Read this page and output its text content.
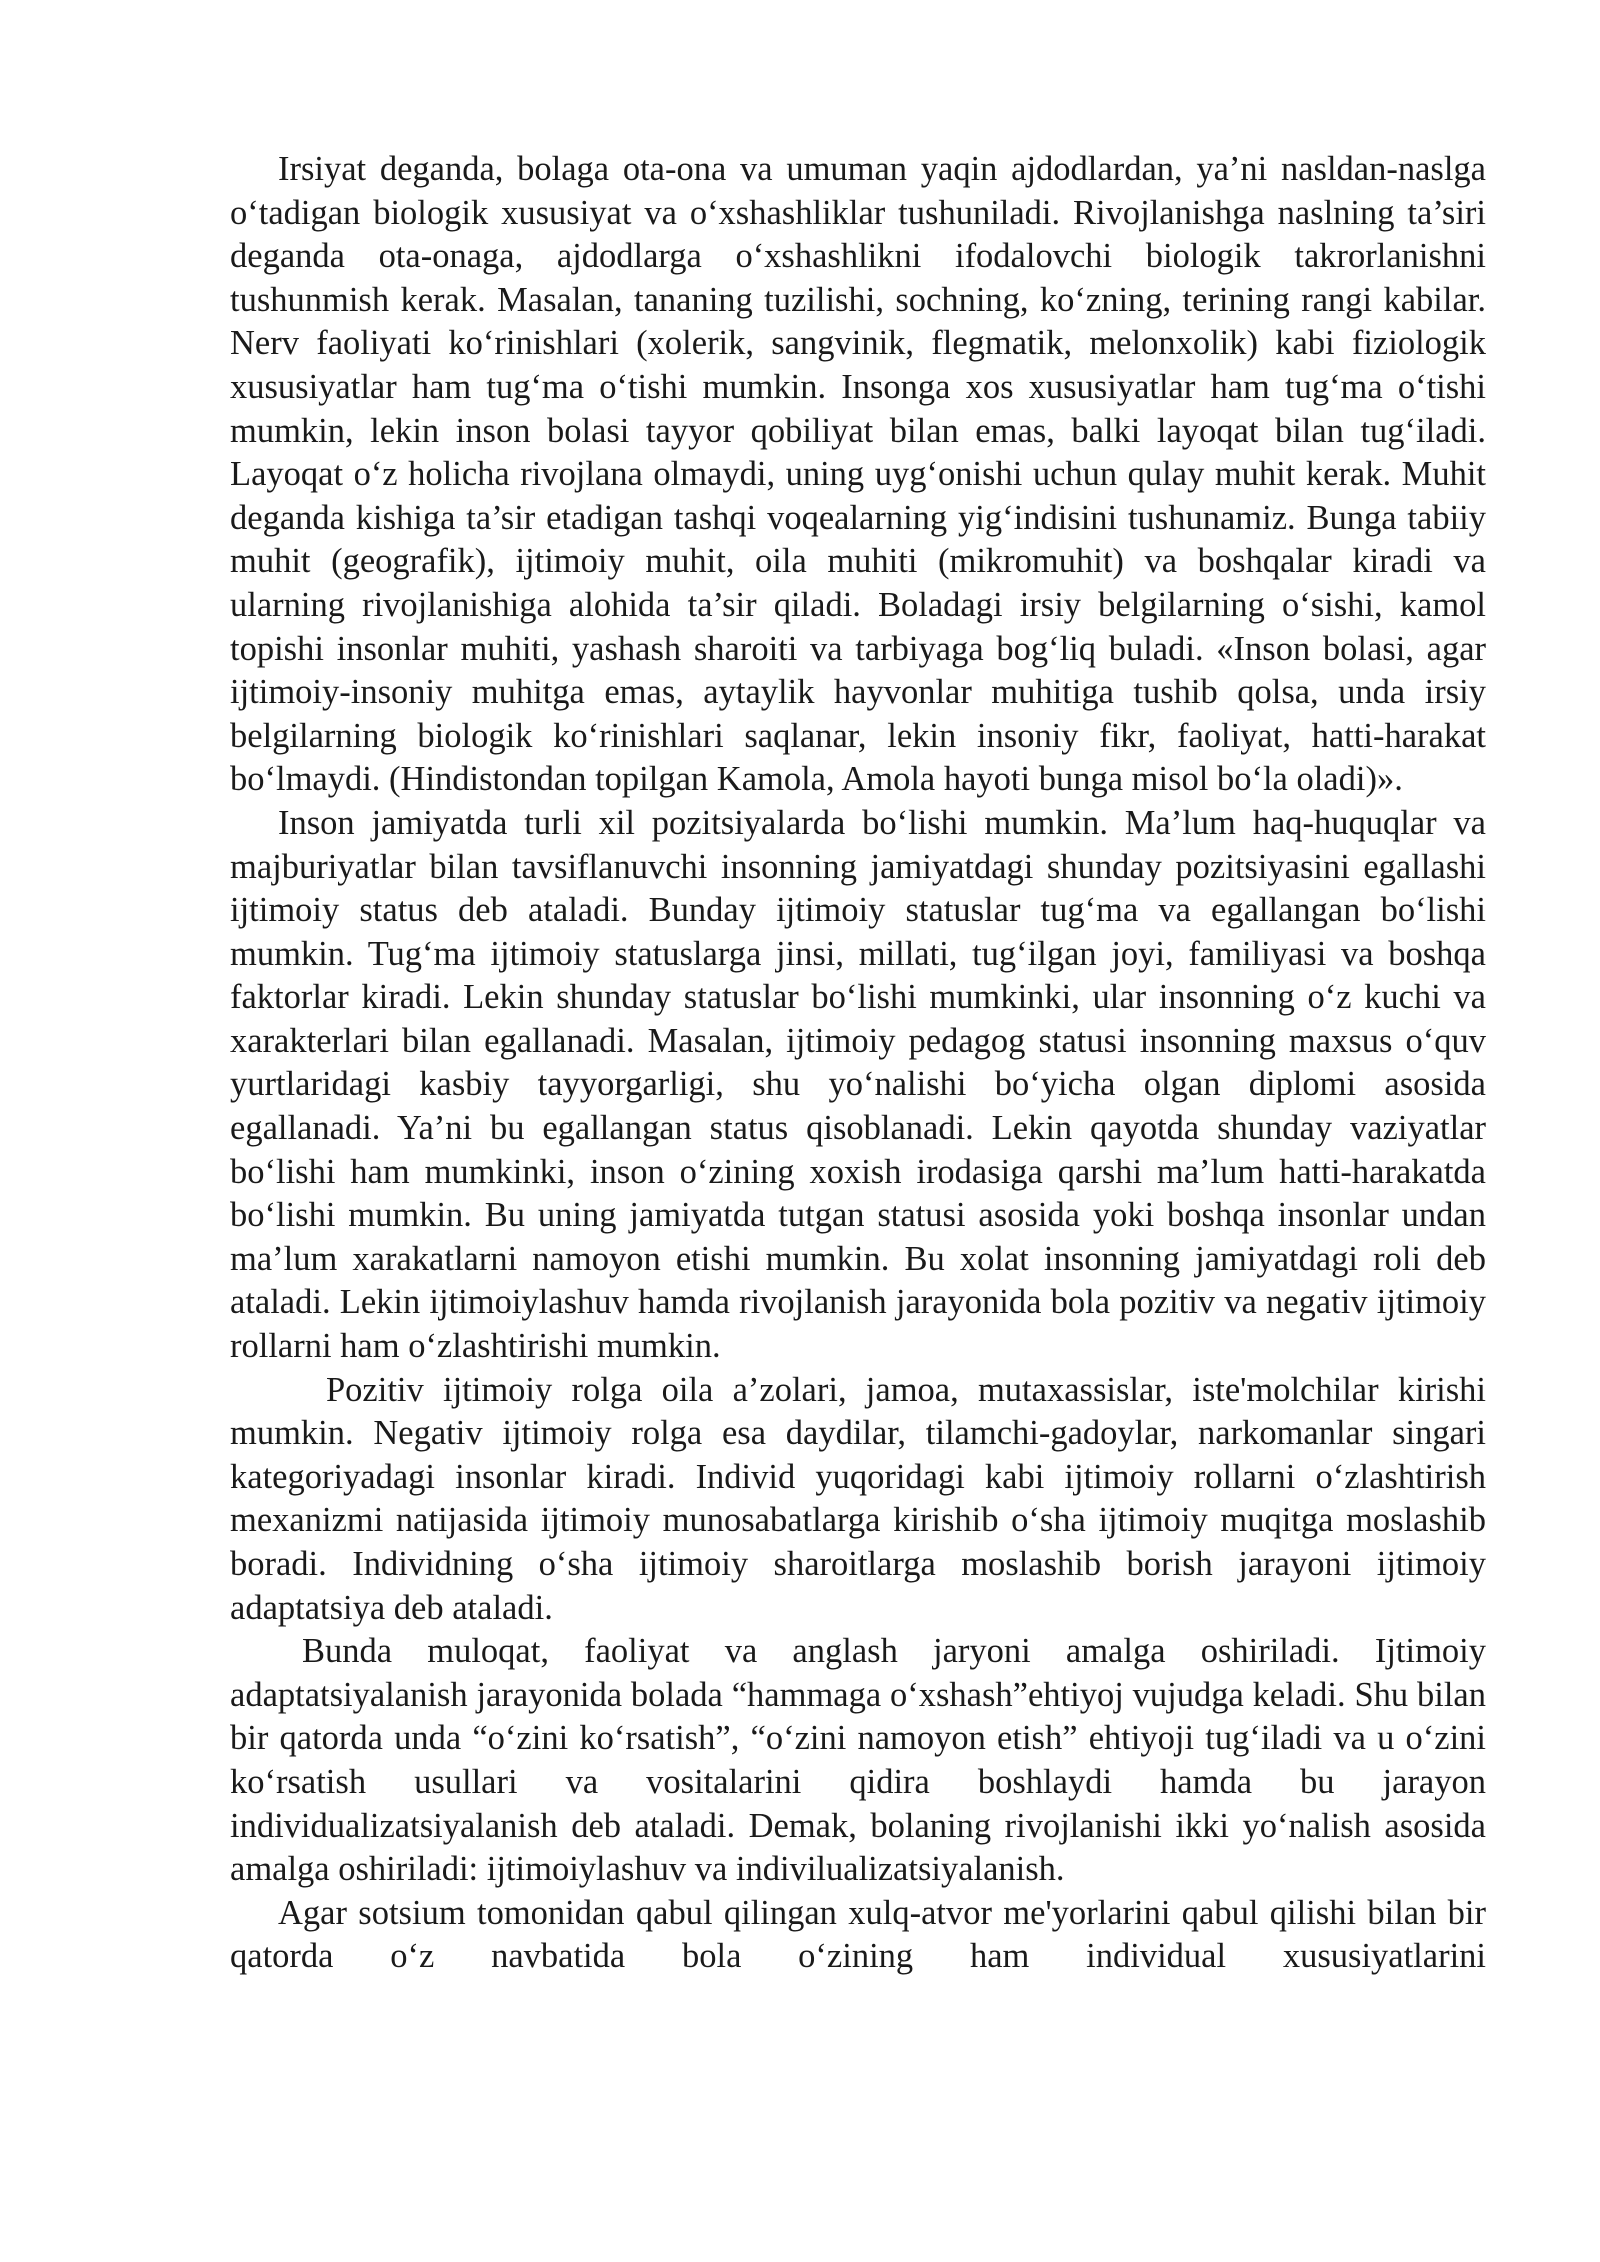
Irsiyat deganda, bolaga ota-ona va umuman yaqin ajdodlardan, ya’ni nasldan-naslga o‘tadigan biologik xususiyat va o‘xshashliklar tushuniladi. Rivojlanishga naslning ta’siri deganda ota-onaga, ajdodlarga o‘xshashlikni ifodalovchi biologik takrorlanishni tushunmish kerak. Masalan, tananing tuzilishi, sochning, ko‘zning, terining rangi kabilar. Nerv faoliyati ko‘rinishlari (xolerik, sangvinik, flegmatik, melonxolik) kabi fiziologik xususiyatlar ham tug‘ma o‘tishi mumkin. Insonga xos xususiyatlar ham tug‘ma o‘tishi mumkin, lekin inson bolasi tayyor qobiliyat bilan emas, balki layoqat bilan tug‘iladi. Layoqat o‘z holicha rivojlana olmaydi, uning uyg‘onishi uchun qulay muhit kerak. Muhit deganda kishiga ta’sir etadigan tashqi voqealarning yig‘indisini tushunamiz. Bunga tabiiy muhit (geografik), ijtimoiy muhit, oila muhiti (mikromuhit) va boshqalar kiradi va ularning rivojlanishiga alohida ta’sir qiladi. Boladagi irsiy belgilarning o‘sishi, kamol topishi insonlar muhiti, yashash sharoiti va tarbiyaga bog‘liq buladi. «Inson bolasi, agar ijtimoiy-insoniy muhitga emas, aytaylik hayvonlar muhitiga tushib qolsa, unda irsiy belgilarning biologik ko‘rinishlari saqlanar, lekin insoniy fikr, faoliyat, hatti-harakat bo‘lmaydi. (Hindistondan topilgan Kamola, Amola hayoti bunga misol bo‘la oladi)».

Inson jamiyatda turli xil pozitsiyalarda bo‘lishi mumkin. Ma’lum haq-huquqlar va majburiyatlar bilan tavsiflanuvchi insonning jamiyatdagi shunday pozitsiyasini egallashi ijtimoiy status deb ataladi. Bunday ijtimoiy statuslar tug‘ma va egallangan bo‘lishi mumkin. Tug‘ma ijtimoiy statuslarga jinsi, millati, tug‘ilgan joyi, familiyasi va boshqa faktorlar kiradi. Lekin shunday statuslar bo‘lishi mumkinki, ular insonning o‘z kuchi va xarakterlari bilan egallanadi. Masalan, ijtimoiy pedagog statusi insonning maxsus o‘quv yurtlaridagi kasbiy tayyorgarligi, shu yo‘nalishi bo‘yicha olgan diplomi asosida egallanadi. Ya’ni bu egallangan status qisoblanadi. Lekin qayotda shunday vaziyatlar bo‘lishi ham mumkinki, inson o‘zining xoxish irodasiga qarshi ma’lum hatti-harakatda bo‘lishi mumkin. Bu uning jamiyatda tutgan statusi asosida yoki boshqa insonlar undan ma’lum xarakatlarni namoyon etishi mumkin. Bu xolat insonning jamiyatdagi roli deb ataladi. Lekin ijtimoiylashuv hamda rivojlanish jarayonida bola pozitiv va negativ ijtimoiy rollarni ham o‘zlashtirishi mumkin.

Pozitiv ijtimoiy rolga oila a’zolari, jamoa, mutaxassislar, iste'molchilar kirishi mumkin. Negativ ijtimoiy rolga esa daydilar, tilamchi-gadoylar, narkomanlar singari kategoriyadagi insonlar kiradi. Individ yuqoridagi kabi ijtimoiy rollarni o‘zlashtirish mexanizmi natijasida ijtimoiy munosabatlarga kirishib o‘sha ijtimoiy muqitga moslashib boradi. Individning o‘sha ijtimoiy sharoitlarga moslashib borish jarayoni ijtimoiy adaptatsiya deb ataladi.

Bunda muloqat, faoliyat va anglash jaryoni amalga oshiriladi. Ijtimoiy adaptatsiyalanish jarayonida bolada “hammaga o‘xshash”ehtiyoj vujudga keladi. Shu bilan bir qatorda unda “o‘zini ko‘rsatish”, “o‘zini namoyon etish” ehtiyoji tug‘iladi va u o‘zini ko‘rsatish usullari va vositalarini qidira boshlaydi hamda bu jarayon individualizatsiyalanish deb ataladi. Demak, bolaning rivojlanishi ikki yo‘nalish asosida amalga oshiriladi: ijtimoiylashuv va indivilualizatsiyalanish.

Agar sotsium tomonidan qabul qilingan xulq-atvor me'yorlarini qabul qilishi bilan bir qatorda o‘z navbatida bola o‘zining ham individual xususiyatlarini
